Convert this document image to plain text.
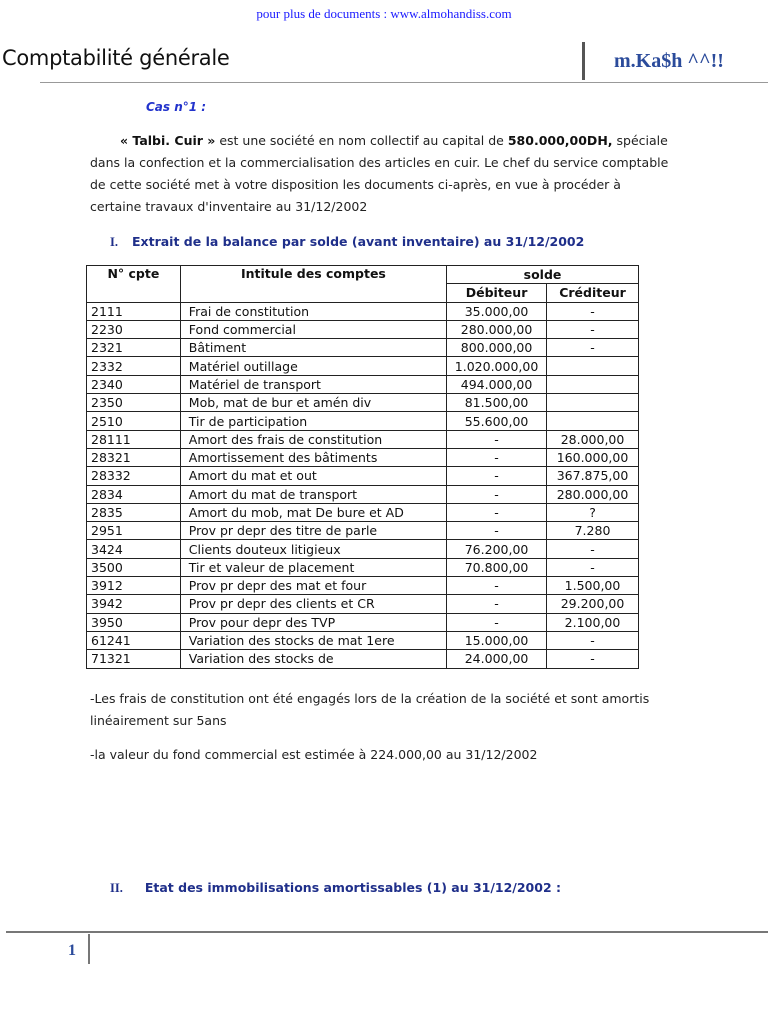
pour plus de documents : www.almohandiss.com
Comptabilité générale	m.Ka$h ^^!!
Cas n°1 :
« Talbi. Cuir » est une société en nom collectif au capital de 580.000,00DH, spéciale dans la confection et la commercialisation des articles en cuir. Le chef du service comptable de cette société met à votre disposition les documents ci-après, en vue à procéder à certaine travaux d'inventaire au 31/12/2002
I. Extrait de la balance par solde (avant inventaire) au 31/12/2002
N° cpte	Intitule des comptes	solde	
		Débiteur	Créditeur
2111	Frai de constitution	35.000,00	-
2230	Fond commercial	280.000,00	-
2321	Bâtiment	800.000,00	-
2332	Matériel outillage	1.020.000,00	
2340	Matériel de transport	494.000,00	
2350	Mob, mat de bur et amén div	81.500,00	
2510	Tir de participation	55.600,00	
28111	Amort des frais de constitution	-	28.000,00
28321	Amortissement des bâtiments	-	160.000,00
28332	Amort du mat et out	-	367.875,00
2834	Amort du mat de transport	-	280.000,00
2835	Amort du mob, mat De bure et AD	-	?
2951	Prov pr depr des titre de parle	-	7.280
3424	Clients douteux litigieux	76.200,00	-
3500	Tir et valeur de placement	70.800,00	-
3912	Prov pr depr des mat et four	-	1.500,00
3942	Prov pr depr des clients et CR	-	29.200,00
3950	Prov pour depr des TVP	-	2.100,00
61241	Variation des stocks de mat 1ere	15.000,00	-
71321	Variation des stocks de	24.000,00	-
-Les frais de constitution ont été engagés lors de la création de la société et sont amortis linéairement sur 5ans
-la valeur du fond commercial est estimée à 224.000,00 au 31/12/2002
II. Etat des immobilisations amortissables (1) au 31/12/2002 :
1
